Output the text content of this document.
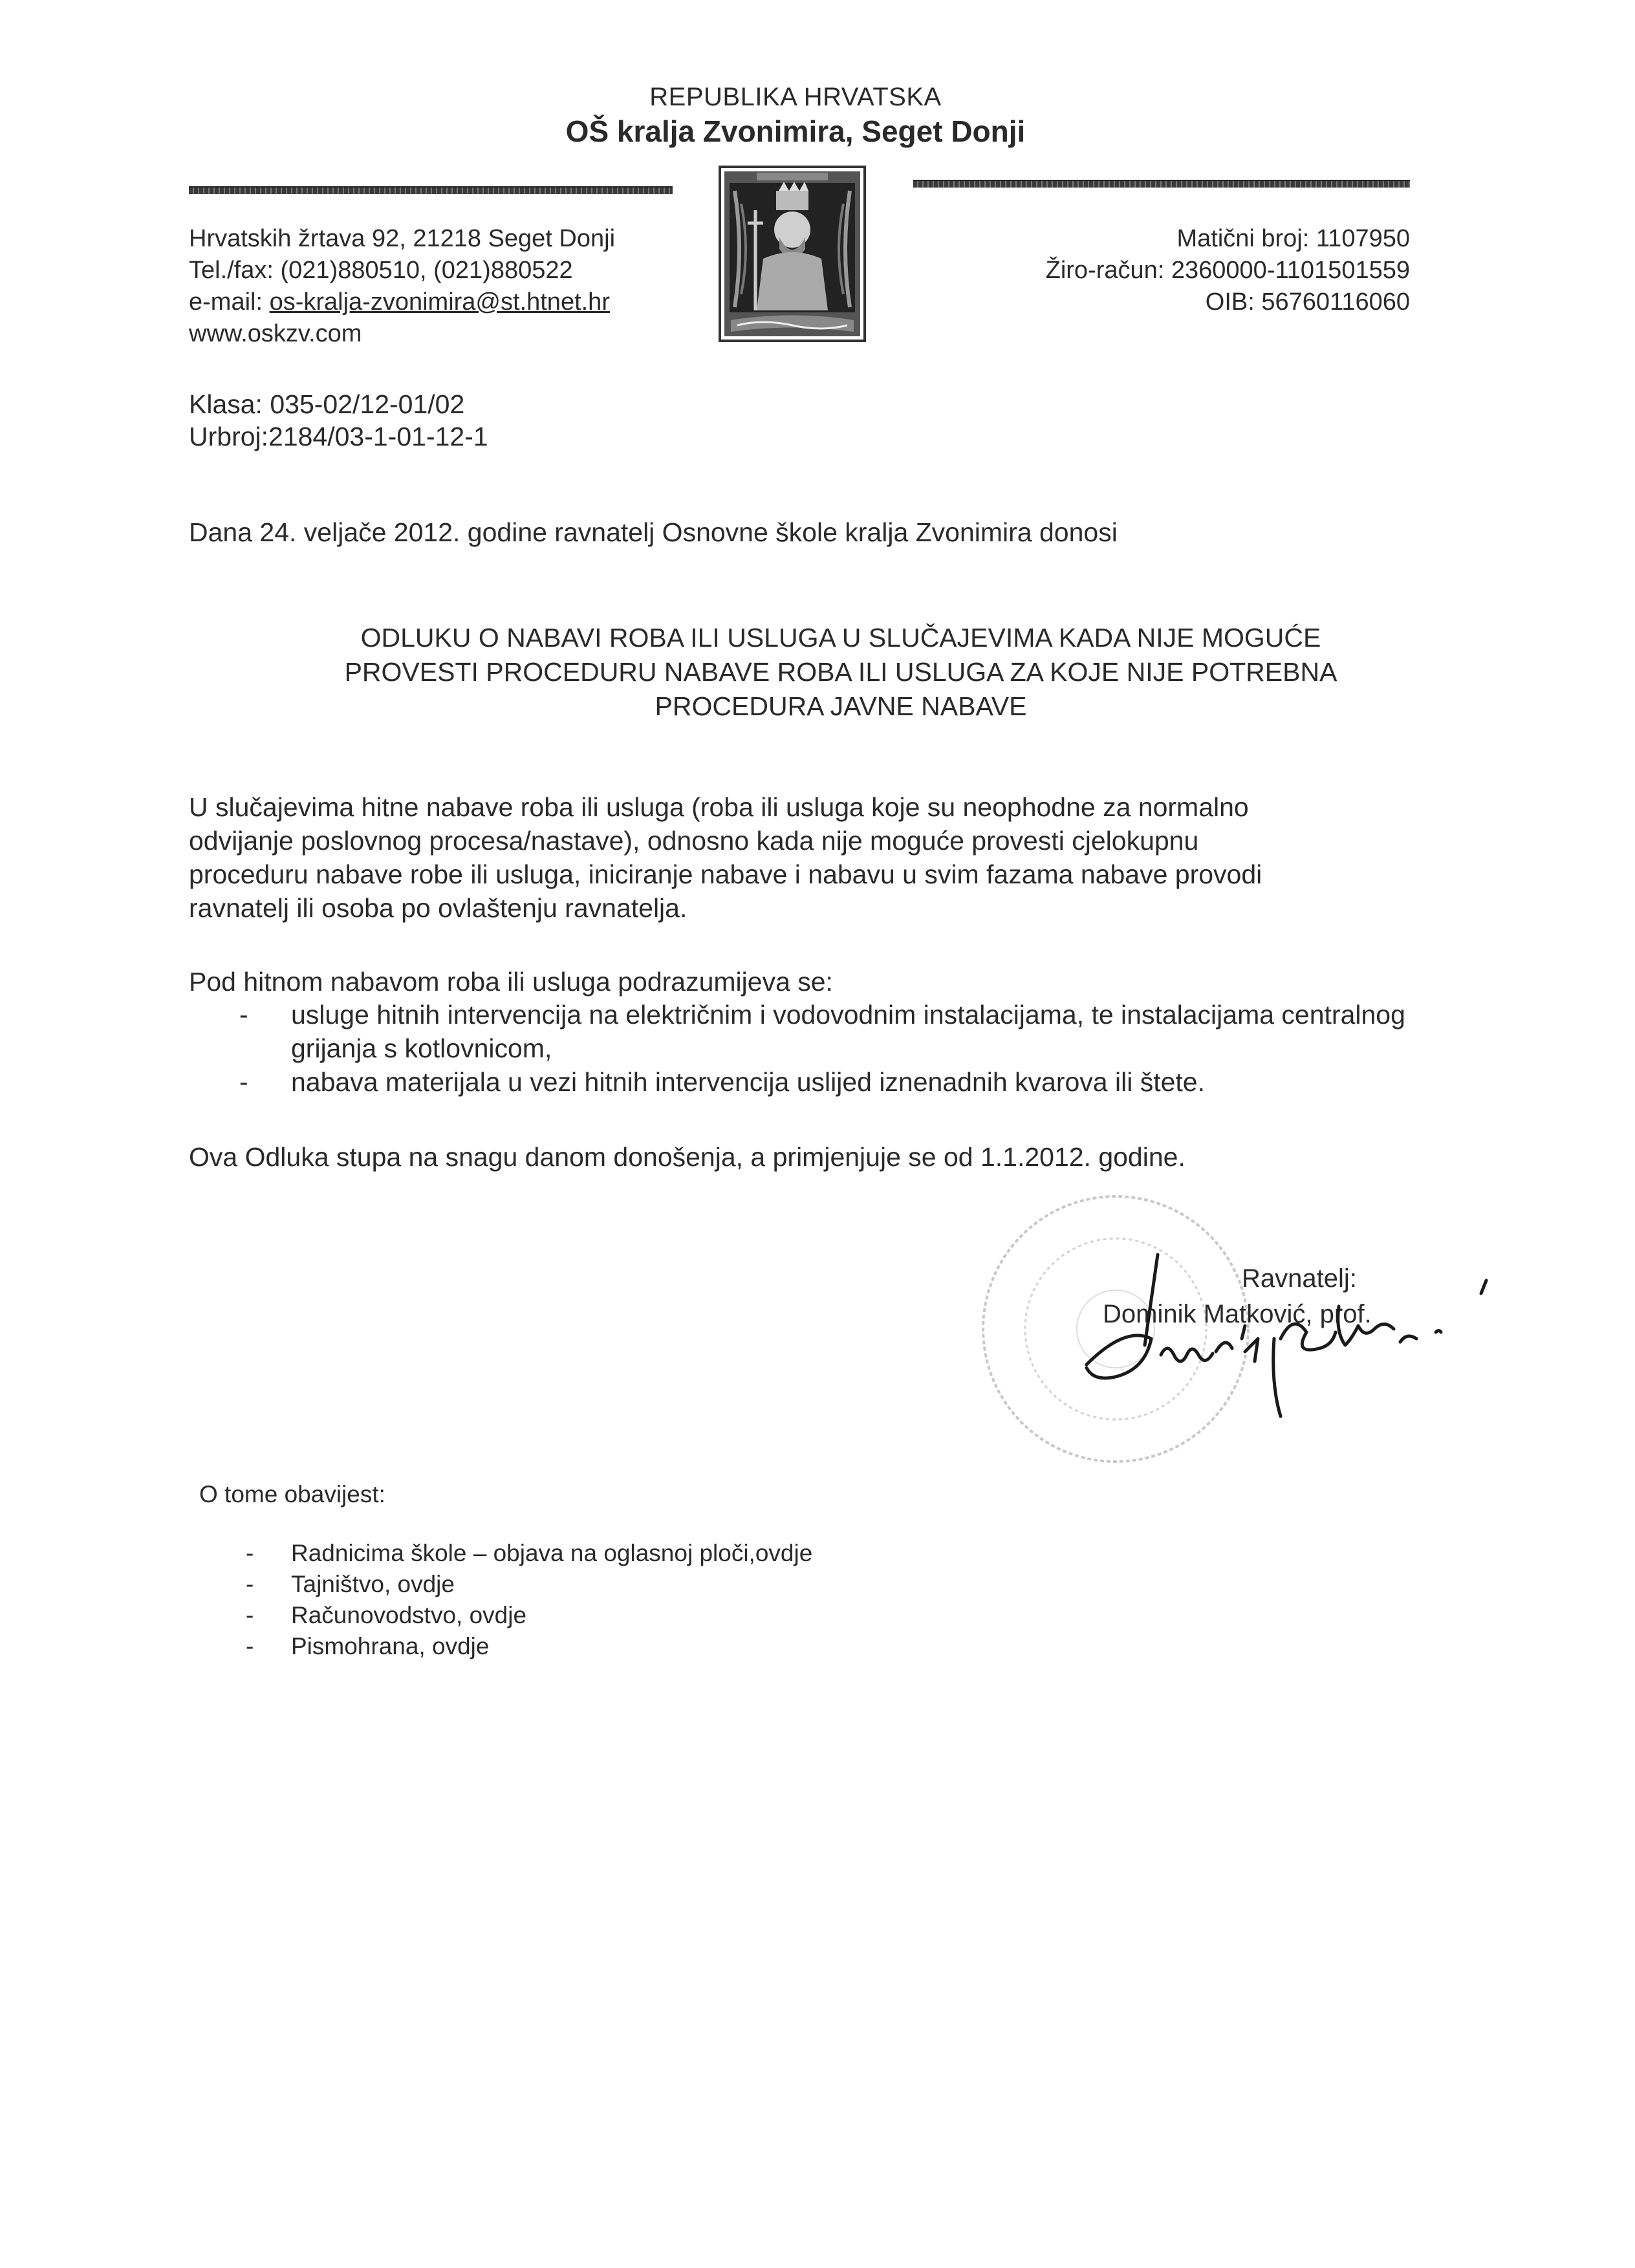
REPUBLIKA HRVATSKA
OŠ kralja Zvonimira, Seget Donji
Hrvatskih žrtava 92, 21218 Seget Donji
Tel./fax: (021)880510, (021)880522
e-mail: os-kralja-zvonimira@st.htnet.hr
www.oskzv.com
Matični broj: 1107950
Žiro-račun: 2360000-1101501559
OIB: 56760116060
Klasa: 035-02/12-01/02
Urbroj:2184/03-1-01-12-1
Dana 24. veljače 2012. godine ravnatelj Osnovne škole kralja Zvonimira donosi
ODLUKU O NABAVI ROBA ILI USLUGA U SLUČAJEVIMA KADA NIJE MOGUĆE
PROVESTI PROCEDURU NABAVE ROBA ILI USLUGA ZA KOJE NIJE POTREBNA
PROCEDURA JAVNE NABAVE
U slučajevima hitne nabave roba ili usluga (roba ili usluga koje su neophodne za normalno
odvijanje poslovnog procesa/nastave), odnosno kada nije moguće provesti cjelokupnu
proceduru nabave robe ili usluga, iniciranje nabave i nabavu u svim fazama nabave provodi
ravnatelj ili osoba po ovlaštenju ravnatelja.
Pod hitnom nabavom roba ili usluga podrazumijeva se:
- usluge hitnih intervencija na električnim i vodovodnim instalacijama, te instalacijama centralnog grijanja s kotlovnicom,
- nabava materijala u vezi hitnih intervencija uslijed iznenadnih kvarova ili štete.
Ova Odluka stupa na snagu danom donošenja, a primjenjuje se od 1.1.2012. godine.
Ravnatelj:
Dominik Matković, prof.
O tome obavijest:
- Radnicima škole – objava na oglasnoj ploči,ovdje
- Tajništvo, ovdje
- Računovodstvo, ovdje
- Pismohrana, ovdje
